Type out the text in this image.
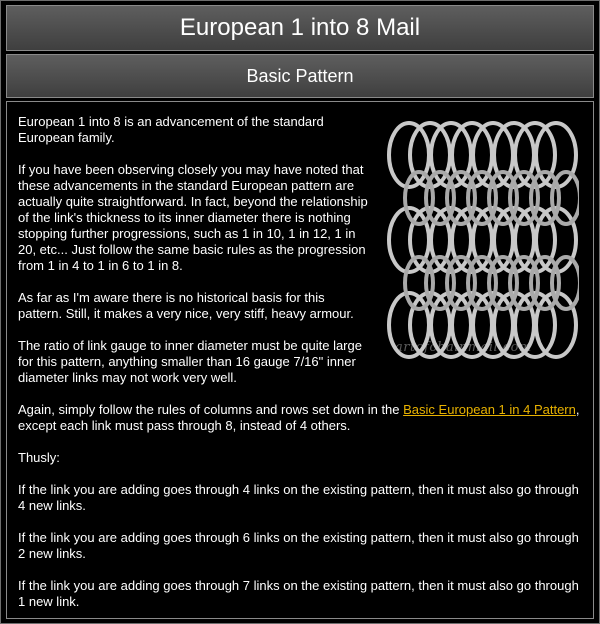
European 1 into 8 Mail
Basic Pattern

European 1 into 8 is an advancement of the standard European family.

If you have been observing closely you may have noted that these advancements in the standard European pattern are actually quite straightforward. In fact, beyond the relationship of the link's thickness to its inner diameter there is nothing stopping further progressions, such as 1 in 10, 1 in 12, 1 in 20, etc... Just follow the same basic rules as the progression from 1 in 4 to 1 in 6 to 1 in 8.

As far as I'm aware there is no historical basis for this pattern. Still, it makes a very nice, very stiff, heavy armour.

The ratio of link gauge to inner diameter must be quite large for this pattern, anything smaller than 16 gauge 7/16" inner diameter links may not work very well.

Again, simply follow the rules of columns and rows set down in the Basic European 1 in 4 Pattern, except each link must pass through 8, instead of 4 others.

Thusly:

If the link you are adding goes through 4 links on the existing pattern, then it must also go through 4 new links.

If the link you are adding goes through 6 links on the existing pattern, then it must also go through 2 new links.

If the link you are adding goes through 7 links on the existing pattern, then it must also go through 1 new link.

artofchainmail.com
